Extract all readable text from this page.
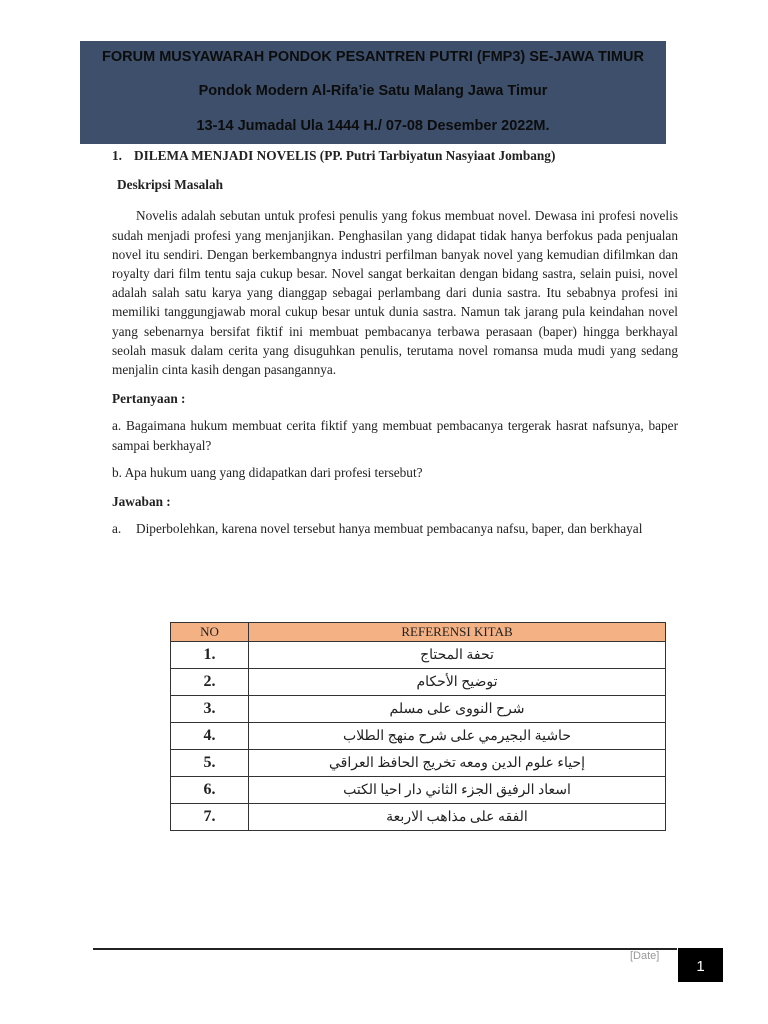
FORUM MUSYAWARAH PONDOK PESANTREN PUTRI (FMP3) SE-JAWA TIMUR
Pondok Modern Al-Rifa’ie Satu Malang Jawa Timur
13-14 Jumadal Ula 1444 H./ 07-08 Desember 2022M.

1. DILEMA MENJADI NOVELIS (PP. Putri Tarbiyatun Nasyiaat Jombang)

Deskripsi Masalah

Novelis adalah sebutan untuk profesi penulis yang fokus membuat novel. Dewasa ini profesi novelis sudah menjadi profesi yang menjanjikan. Penghasilan yang didapat tidak hanya berfokus pada penjualan novel itu sendiri. Dengan berkembangnya industri perfilman banyak novel yang kemudian difilmkan dan royalty dari film tentu saja cukup besar. Novel sangat berkaitan dengan bidang sastra, selain puisi, novel adalah salah satu karya yang dianggap sebagai perlambang dari dunia sastra. Itu sebabnya profesi ini memiliki tanggungjawab moral cukup besar untuk dunia sastra. Namun tak jarang pula keindahan novel yang sebenarnya bersifat fiktif ini membuat pembacanya terbawa perasaan (baper) hingga berkhayal seolah masuk dalam cerita yang disuguhkan penulis, terutama novel romansa muda mudi yang sedang menjalin cinta kasih dengan pasangannya.

Pertanyaan :

a. Bagaimana hukum membuat cerita fiktif yang membuat pembacanya tergerak hasrat nafsunya, baper sampai berkhayal?

b. Apa hukum uang yang didapatkan dari profesi tersebut?

Jawaban :

a.	Diperbolehkan, karena novel tersebut hanya membuat pembacanya nafsu, baper, dan berkhayal
NO	REFERENSI KITAB
1.	تحفة المحتاج
2.	توضيح الأحكام
3.	شرح النووى على مسلم
4.	حاشية البجيرمي على شرح منهج الطلاب
5.	إحياء علوم الدين ومعه تخريج الحافظ العراقي
6.	اسعاد الرفيق الجزء الثاني دار احيا الكتب
7.	الفقه على مذاهب الاربعة
[Date]
1
